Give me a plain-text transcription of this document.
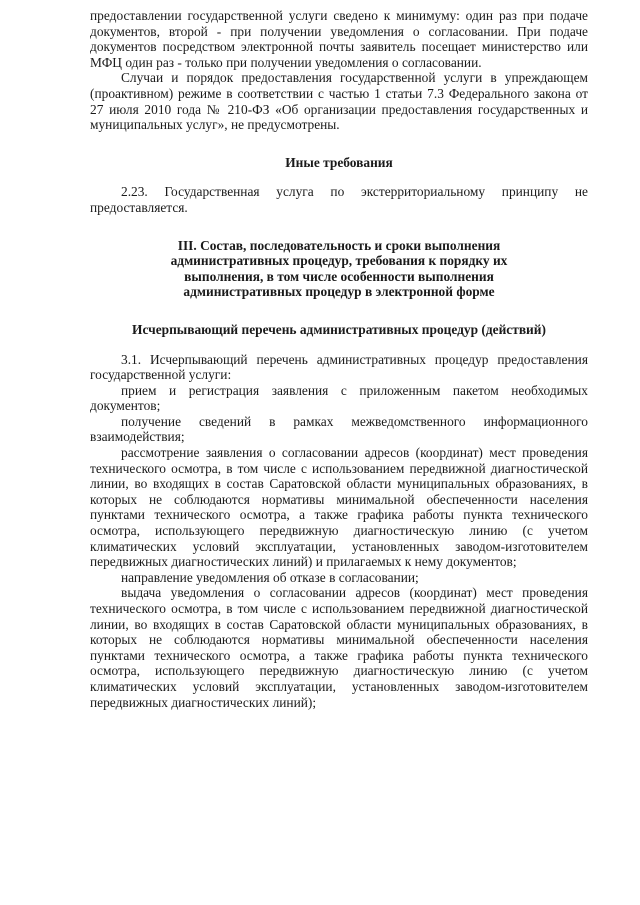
предоставлении государственной услуги сведено к минимуму: один раз при подаче документов, второй - при получении уведомления о согласовании. При подаче документов посредством электронной почты заявитель посещает министерство или МФЦ один раз - только при получении уведомления о согласовании.

Случаи и порядок предоставления государственной услуги в упреждающем (проактивном) режиме в соответствии с частью 1 статьи 7.3 Федерального закона от 27 июля 2010 года № 210-ФЗ «Об организации предоставления государственных и муниципальных услуг», не предусмотрены.

Иные требования

2.23. Государственная услуга по экстерриториальному принципу не предоставляется.

III. Состав, последовательность и сроки выполнения

административных процедур, требования к порядку их

выполнения, в том числе особенности выполнения

административных процедур в электронной форме

Исчерпывающий перечень административных процедур (действий)

3.1. Исчерпывающий перечень административных процедур предоставления государственной услуги:

прием и регистрация заявления с приложенным пакетом необходимых документов;

получение сведений в рамках межведомственного информационного взаимодействия;

рассмотрение заявления о согласовании адресов (координат) мест проведения технического осмотра, в том числе с использованием передвижной диагностической линии, во входящих в состав Саратовской области муниципальных образованиях, в которых не соблюдаются нормативы минимальной обеспеченности населения пунктами технического осмотра, а также графика работы пункта технического осмотра, использующего передвижную диагностическую линию (с учетом климатических условий эксплуатации, установленных заводом-изготовителем передвижных диагностических линий) и прилагаемых к нему документов;

направление уведомления об отказе в согласовании;

выдача уведомления о согласовании адресов (координат) мест проведения технического осмотра, в том числе с использованием передвижной диагностической линии, во входящих в состав Саратовской области муниципальных образованиях, в которых не соблюдаются нормативы минимальной обеспеченности населения пунктами технического осмотра, а также графика работы пункта технического осмотра, использующего передвижную диагностическую линию (с учетом климатических условий эксплуатации, установленных заводом-изготовителем передвижных диагностических линий);
